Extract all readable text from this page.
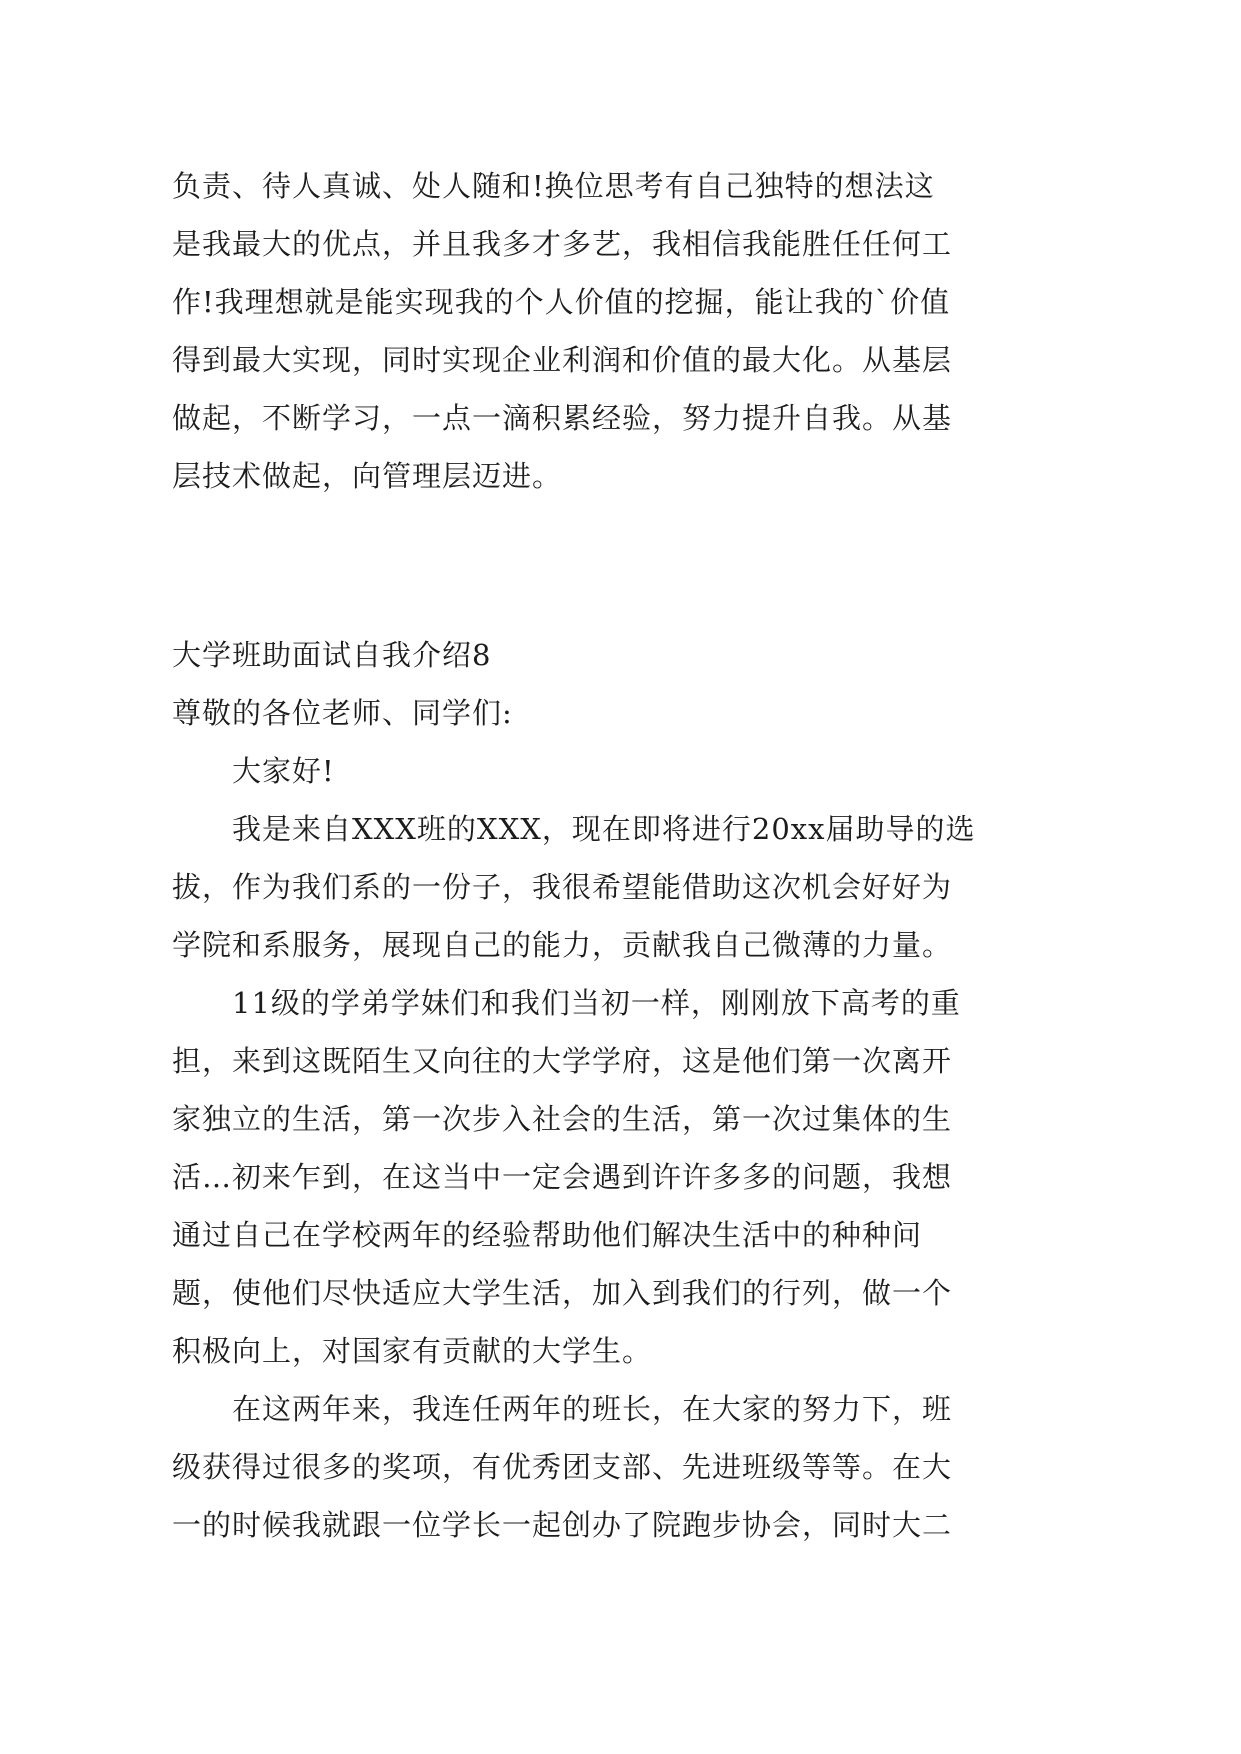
负责、待人真诚、处人随和!换位思考有自己独特的想法这
是我最大的优点，并且我多才多艺，我相信我能胜任任何工
作!我理想就是能实现我的个人价值的挖掘，能让我的`价值
得到最大实现，同时实现企业利润和价值的最大化。从基层
做起，不断学习，一点一滴积累经验，努力提升自我。从基
层技术做起，向管理层迈进。
大学班助面试自我介绍8
尊敬的各位老师、同学们:
大家好!
我是来自XXX班的XXX，现在即将进行20xx届助导的选
拔，作为我们系的一份子，我很希望能借助这次机会好好为
学院和系服务，展现自己的能力，贡献我自己微薄的力量。
11级的学弟学妹们和我们当初一样，刚刚放下高考的重
担，来到这既陌生又向往的大学学府，这是他们第一次离开
家独立的生活，第一次步入社会的生活，第一次过集体的生
活…初来乍到，在这当中一定会遇到许许多多的问题，我想
通过自己在学校两年的经验帮助他们解决生活中的种种问
题，使他们尽快适应大学生活，加入到我们的行列，做一个
积极向上，对国家有贡献的大学生。
在这两年来，我连任两年的班长，在大家的努力下，班
级获得过很多的奖项，有优秀团支部、先进班级等等。在大
一的时候我就跟一位学长一起创办了院跑步协会，同时大二
